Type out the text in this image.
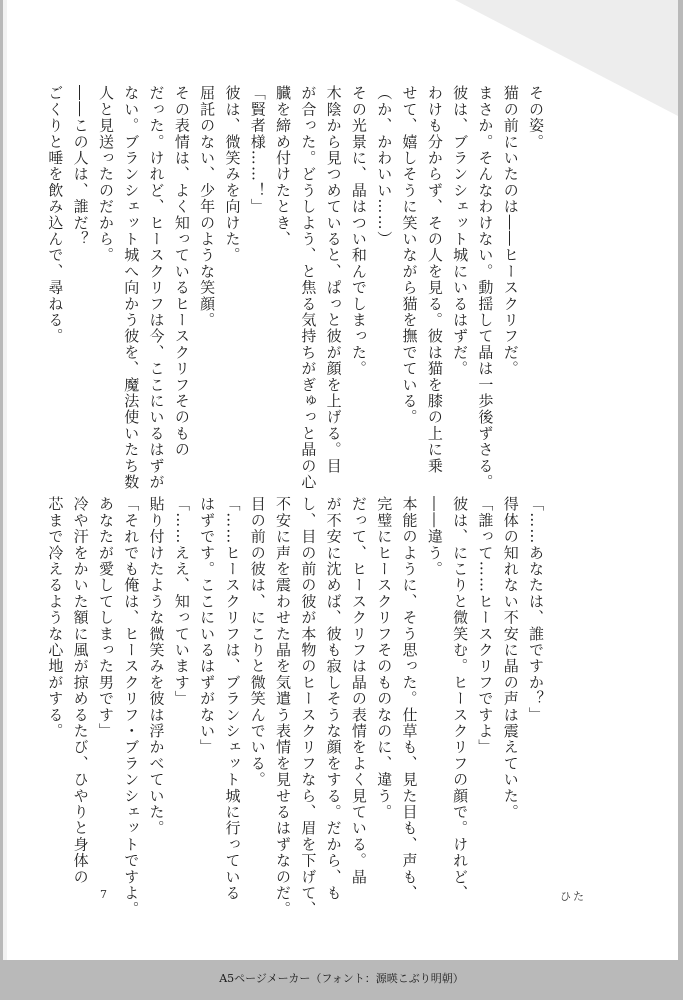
その姿。
猫の前にいたのは――ヒースクリフだ。
まさか。そんなわけない。動揺して晶は一歩後ずさる。
彼は、ブランシェット城にいるはずだ。
わけも分からず、その人を見る。彼は猫を膝の上に乗
せて、嬉しそうに笑いながら猫を撫でている。
（か、かわいい……）
その光景に、晶はつい和んでしまった。
木陰から見つめていると、ぱっと彼が顔を上げる。目
が合った。どうしよう、と焦る気持ちがぎゅっと晶の心
臓を締め付けたとき、
「賢者様……！」
彼は、微笑みを向けた。
屈託のない、少年のような笑顔。
その表情は、よく知っているヒースクリフそのもの
だった。けれど、ヒースクリフは今、ここにいるはずが
ない。ブランシェット城へ向かう彼を、魔法使いたち数
人と見送ったのだから。
――この人は、誰だ？
ごくりと唾を飲み込んで、尋ねる。
「……あなたは、誰ですか？」
得体の知れない不安に晶の声は震えていた。
「誰って……ヒースクリフですよ」
彼は、にこりと微笑む。ヒースクリフの顔で。けれど、
――違う。
本能のように、そう思った。仕草も、見た目も、声も、
完璧にヒースクリフそのものなのに、違う。
だって、ヒースクリフは晶の表情をよく見ている。晶
が不安に沈めば、彼も寂しそうな顔をする。だから、も
し、目の前の彼が本物のヒースクリフなら、眉を下げて、
不安に声を震わせた晶を気遣う表情を見せるはずなのだ。
目の前の彼は、にこりと微笑んでいる。
「……ヒースクリフは、ブランシェット城に行っている
はずです。ここにいるはずがない」
「……ええ、知っています」
貼り付けたような微笑みを彼は浮かべていた。
「それでも俺は、ヒースクリフ・ブランシェットですよ。
あなたが愛してしまった男です」
冷や汗をかいた額に風が掠めるたび、ひやりと身体の
芯まで冷えるような心地がする。
7	ひた
A5ページメーカー（フォント：源暎こぶり明朝）
